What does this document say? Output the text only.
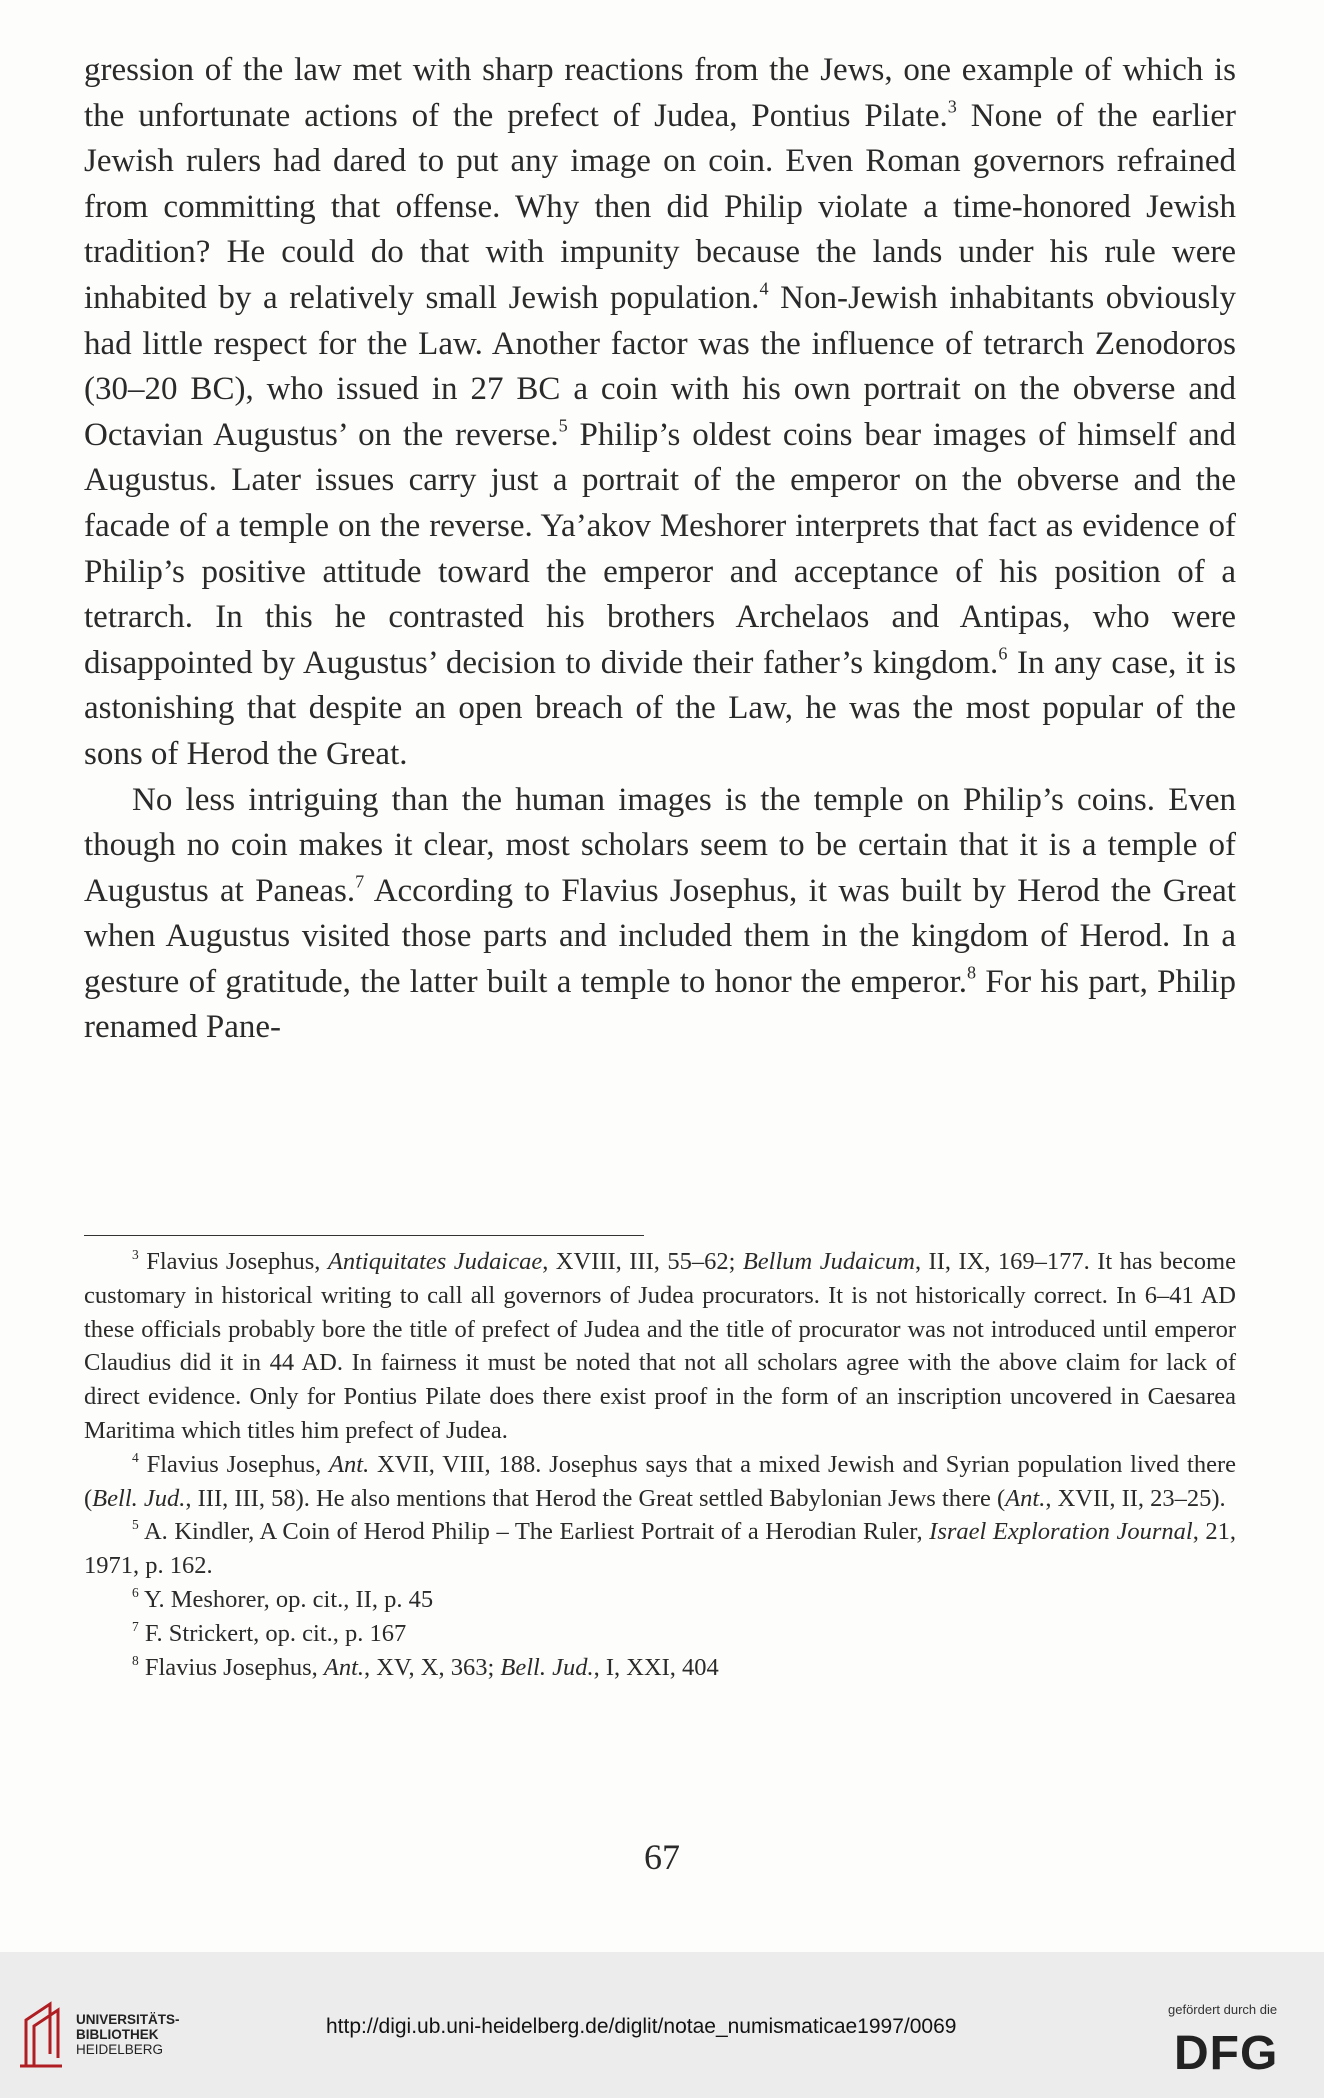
gression of the law met with sharp reactions from the Jews, one example of which is the unfortunate actions of the prefect of Judea, Pontius Pilate.$^3$ None of the earlier Jewish rulers had dared to put any image on coin. Even Roman governors refrained from committing that offense. Why then did Philip violate a time-honored Jewish tradition? He could do that with impunity because the lands under his rule were inhabited by a relatively small Jewish population.$^4$ Non-Jewish inhabitants obviously had little respect for the Law. Another factor was the influence of tetrarch Zenodoros (30–20 BC), who issued in 27 BC a coin with his own portrait on the obverse and Octavian Augustus’ on the reverse.$^5$ Philip’s oldest coins bear images of himself and Augustus. Later issues carry just a portrait of the emperor on the obverse and the facade of a temple on the reverse. Ya’akov Meshorer interprets that fact as evidence of Philip’s positive attitude toward the emperor and acceptance of his position of a tetrarch. In this he contrasted his brothers Archelaos and Antipas, who were disappointed by Augustus’ decision to divide their father’s kingdom.$^6$ In any case, it is astonishing that despite an open breach of the Law, he was the most popular of the sons of Herod the Great.

No less intriguing than the human images is the temple on Philip’s coins. Even though no coin makes it clear, most scholars seem to be certain that it is a temple of Augustus at Paneas.$^7$ According to Flavius Josephus, it was built by Herod the Great when Augustus visited those parts and included them in the kingdom of Herod. In a gesture of gratitude, the latter built a temple to honor the emperor.$^8$ For his part, Philip renamed Pane-

$^3$ Flavius Josephus, Antiquitates Judaicae, XVIII, III, 55–62; Bellum Judaicum, II, IX, 169–177. It has become customary in historical writing to call all governors of Judea procurators. It is not historically correct. In 6–41 AD these officials probably bore the title of prefect of Judea and the title of procurator was not introduced until emperor Claudius did it in 44 AD. In fairness it must be noted that not all scholars agree with the above claim for lack of direct evidence. Only for Pontius Pilate does there exist proof in the form of an inscription uncovered in Caesarea Maritima which titles him prefect of Judea.

$^4$ Flavius Josephus, Ant. XVII, VIII, 188. Josephus says that a mixed Jewish and Syrian population lived there (Bell. Jud., III, III, 58). He also mentions that Herod the Great settled Babylonian Jews there (Ant., XVII, II, 23–25).

$^5$ A. Kindler, A Coin of Herod Philip – The Earliest Portrait of a Herodian Ruler, Israel Exploration Journal, 21, 1971, p. 162.

$^6$ Y. Meshorer, op. cit., II, p. 45

$^7$ F. Strickert, op. cit., p. 167

$^8$ Flavius Josephus, Ant., XV, X, 363; Bell. Jud., I, XXI, 404

67
UNIVERSITÄTS-
BIBLIOTHEK
HEIDELBERG
http://digi.ub.uni-heidelberg.de/diglit/notae_numismaticae1997/0069
gefördert durch die
DFG
